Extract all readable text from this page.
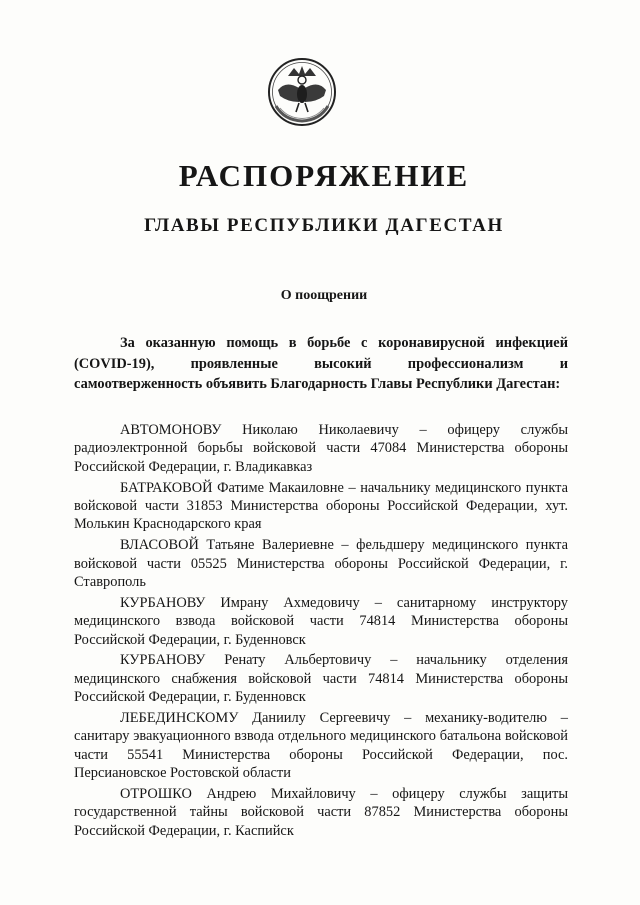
РАСПОРЯЖЕНИЕ
ГЛАВЫ РЕСПУБЛИКИ ДАГЕСТАН

О поощрении

За оказанную помощь в борьбе с коронавирусной инфекцией (COVID-19), проявленные высокий профессионализм и самоотверженность объявить Благодарность Главы Республики Дагестан:

АВТОМОНОВУ Николаю Николаевичу – офицеру службы радиоэлектронной борьбы войсковой части 47084 Министерства обороны Российской Федерации, г. Владикавказ

БАТРАКОВОЙ Фатиме Макаиловне – начальнику медицинского пункта войсковой части 31853 Министерства обороны Российской Федерации, хут. Молькин Краснодарского края

ВЛАСОВОЙ Татьяне Валериевне – фельдшеру медицинского пункта войсковой части 05525 Министерства обороны Российской Федерации, г. Ставрополь

КУРБАНОВУ Имрану Ахмедовичу – санитарному инструктору медицинского взвода войсковой части 74814 Министерства обороны Российской Федерации, г. Буденновск

КУРБАНОВУ Ренату Альбертовичу – начальнику отделения медицинского снабжения войсковой части 74814 Министерства обороны Российской Федерации, г. Буденновск

ЛЕБЕДИНСКОМУ Даниилу Сергеевичу – механику-водителю – санитару эвакуационного взвода отдельного медицинского батальона войсковой части 55541 Министерства обороны Российской Федерации, пос. Персиановское Ростовской области

ОТРОШКО Андрею Михайловичу – офицеру службы защиты государственной тайны войсковой части 87852 Министерства обороны Российской Федерации, г. Каспийск
